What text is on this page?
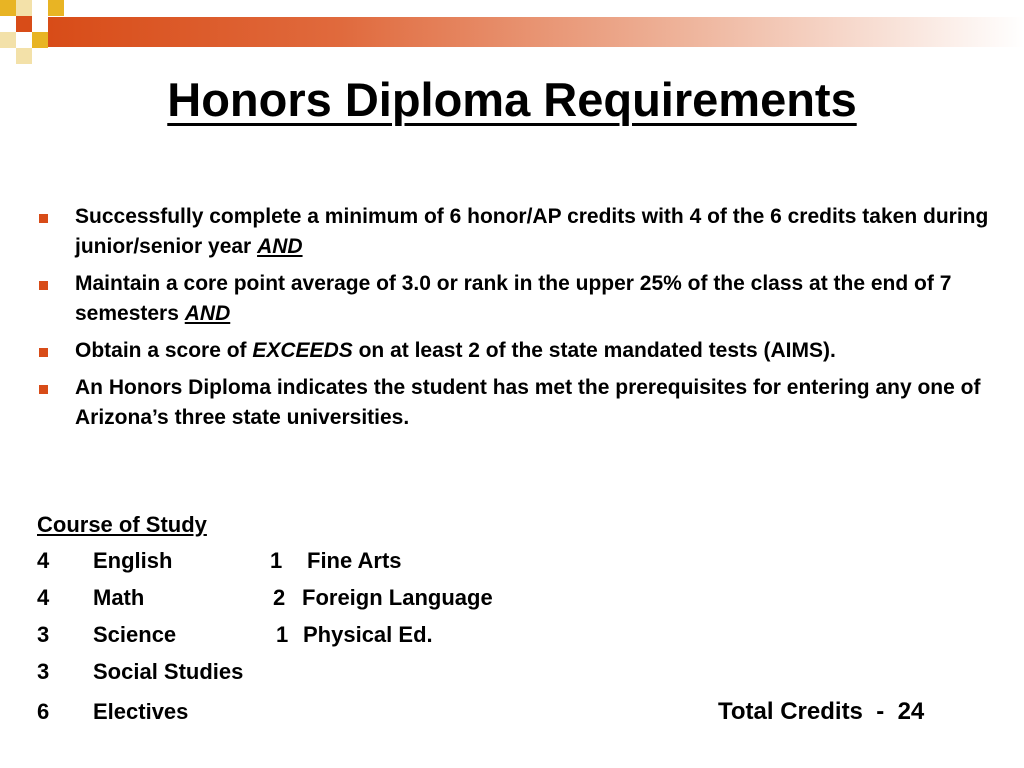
Honors Diploma Requirements
Successfully complete a minimum of 6 honor/AP credits with 4 of the 6 credits taken during junior/senior year AND
Maintain a core point average of 3.0 or rank in the upper 25% of the class at the end of 7 semesters AND
Obtain a score of EXCEEDS on at least 2 of the state mandated tests (AIMS).
An Honors Diploma indicates the student has met the prerequisites for entering any one of Arizona’s three state universities.
Course of Study
4 English	1 Fine Arts
4 Math	2 Foreign Language
3 Science	1 Physical Ed.
3 Social Studies
6 Electives	Total Credits  -  24
